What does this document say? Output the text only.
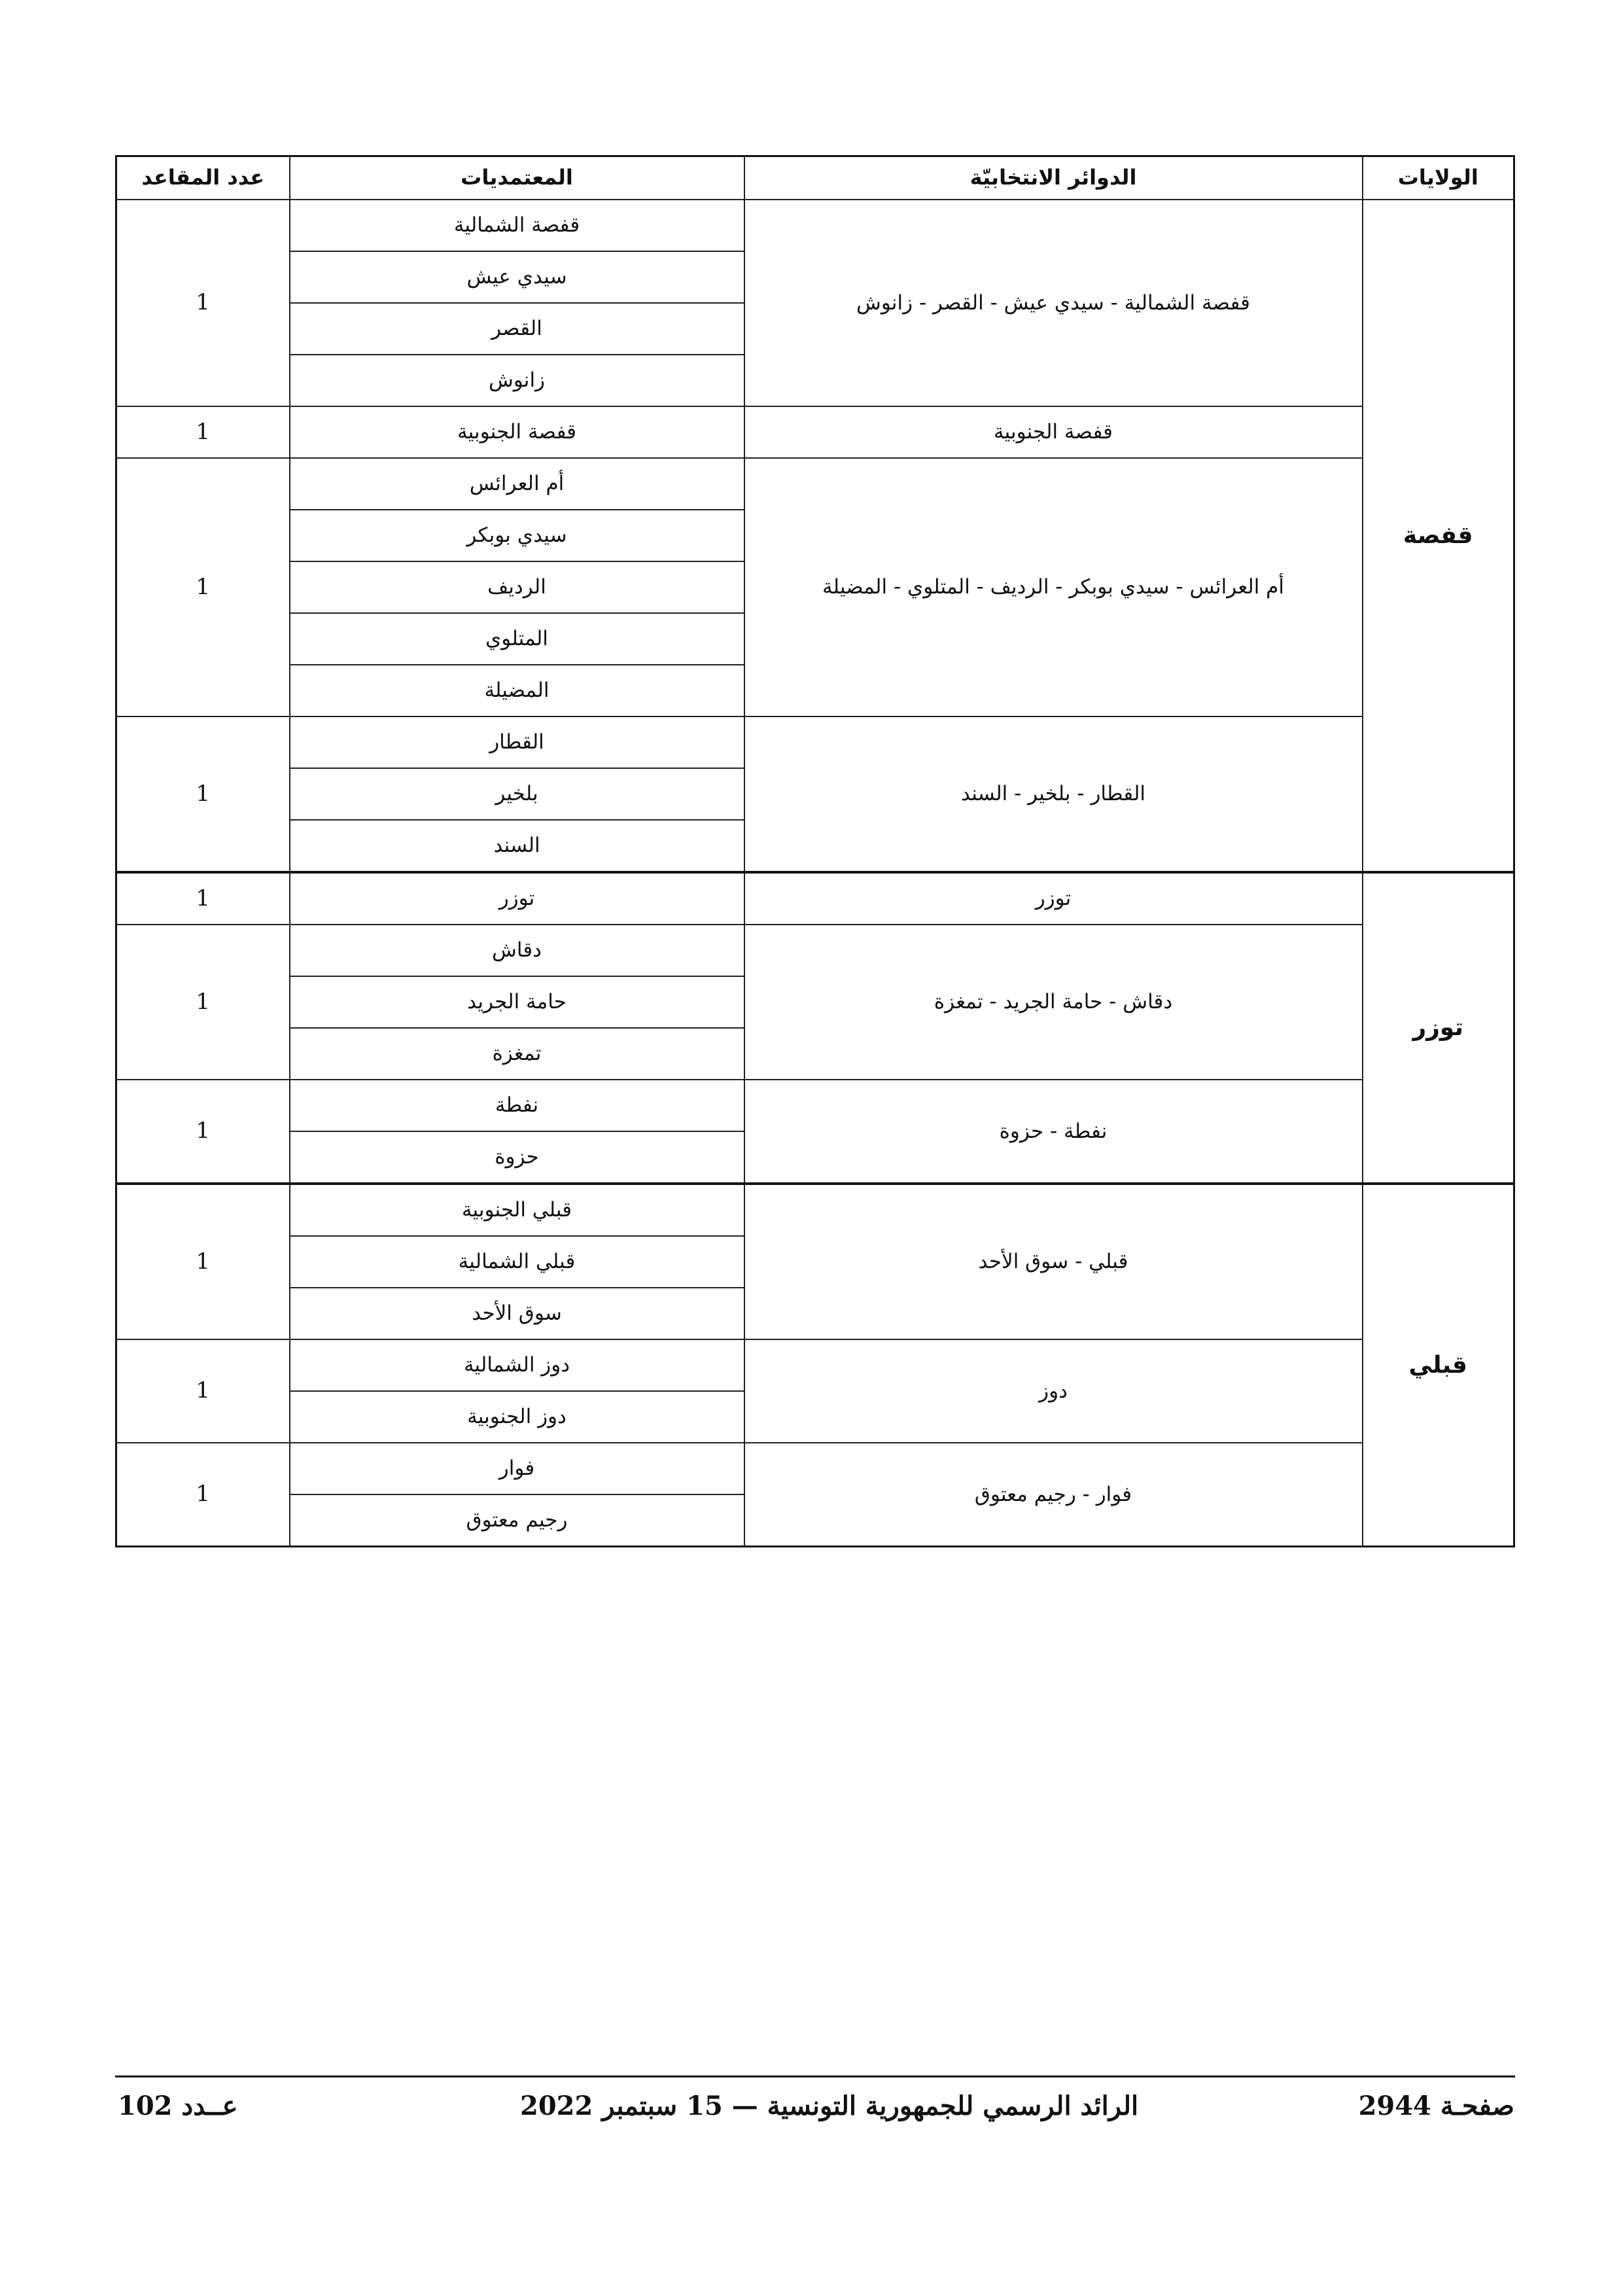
الولايات	الدوائر الانتخابيّة	المعتمديات	عدد المقاعد
قفصة	قفصة الشمالية - سيدي عيش - القصر - زانوش	قفصة الشمالية	1
		سيدي عيش	
		القصر	
		زانوش	
	قفصة الجنوبية	قفصة الجنوبية	1
	أم العرائس - سيدي بوبكر - الرديف - المتلوي - المضيلة	أم العرائس	1
		سيدي بوبكر	
		الرديف	
		المتلوي	
		المضيلة	
	القطار - بلخير - السند	القطار	1
		بلخير	
		السند	
توزر	توزر	توزر	1
	دقاش - حامة الجريد - تمغزة	دقاش	1
		حامة الجريد	
		تمغزة	
	نفطة - حزوة	نفطة	1
		حزوة	
قبلي	قبلي - سوق الأحد	قبلي الجنوبية	1
		قبلي الشمالية	
		سوق الأحد	
	دوز	دوز الشمالية	1
		دوز الجنوبية	
	فوار - رجيم معتوق	فوار	1
		رجيم معتوق	
صفحـة 2944
الرائد الرسمي للجمهورية التونسية — 15 سبتمبر 2022
عــدد 102
